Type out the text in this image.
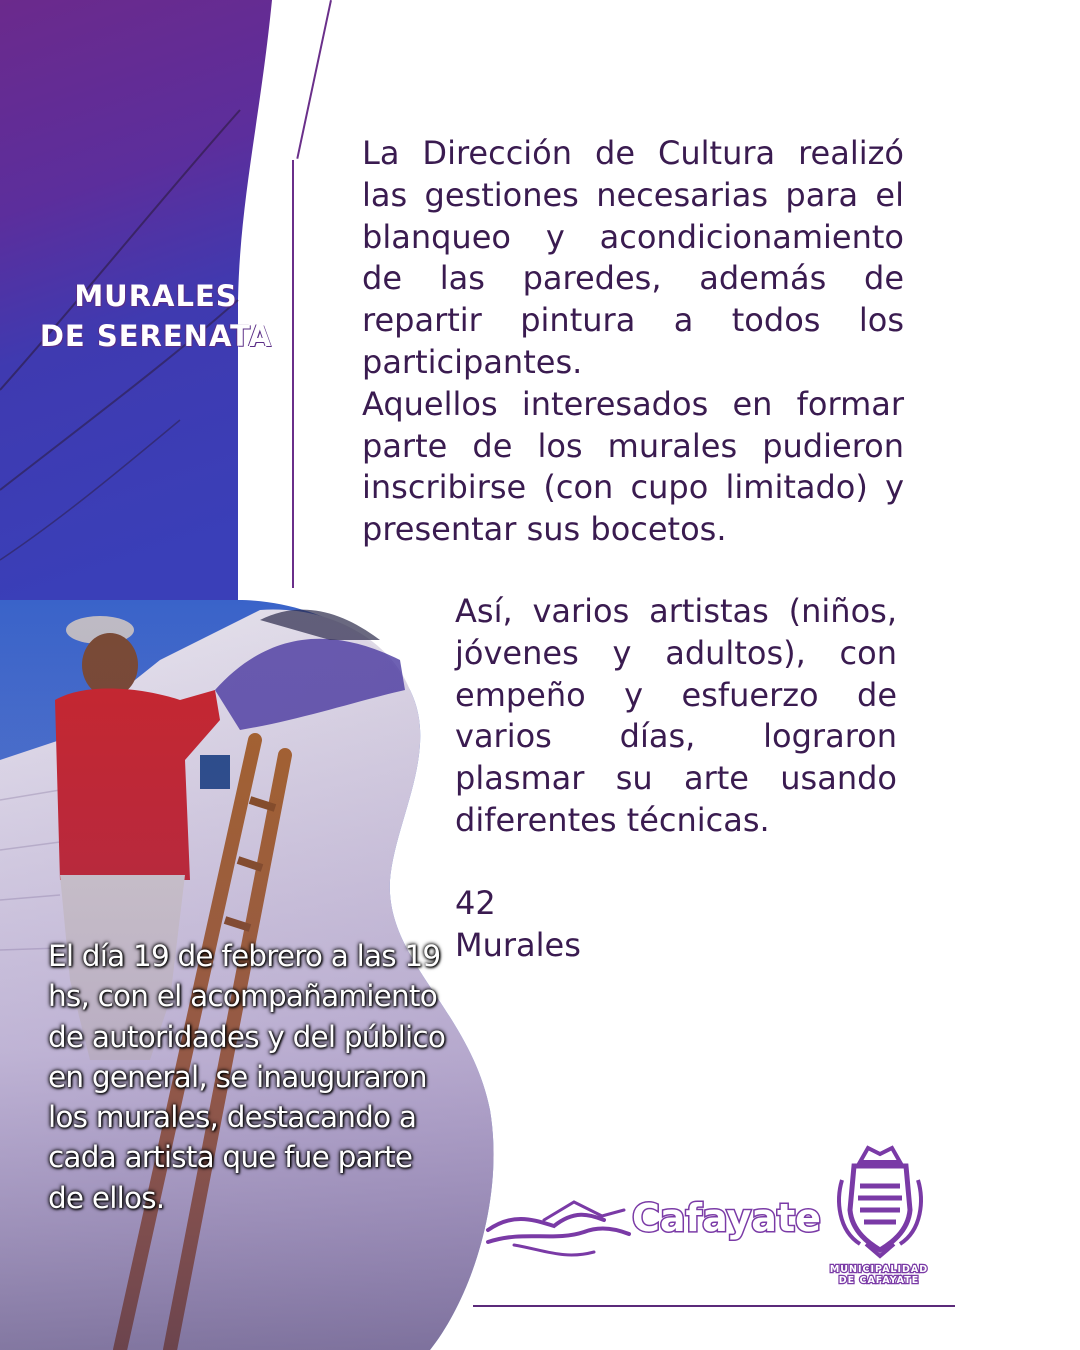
MURALES
DE SERENATA

La Dirección de Cultura realizó las gestiones necesarias para el blanqueo y acondicionamiento de las paredes, además de repartir pintura a todos los participantes.

Aquellos interesados en formar parte de los murales pudieron inscribirse (con cupo limitado) y presentar sus bocetos.

Así, varios artistas (niños, jóvenes y adultos), con empeño y esfuerzo de varios días, lograron plasmar su arte usando diferentes técnicas.

42
Murales
El día 19 de febrero a las 19 hs, con el acompañamiento de autoridades y del público en general, se inauguraron los murales, destacando a cada artista que fue parte de ellos.	Cafayate
MUNICIPALIDAD
DE CAFAYATE
